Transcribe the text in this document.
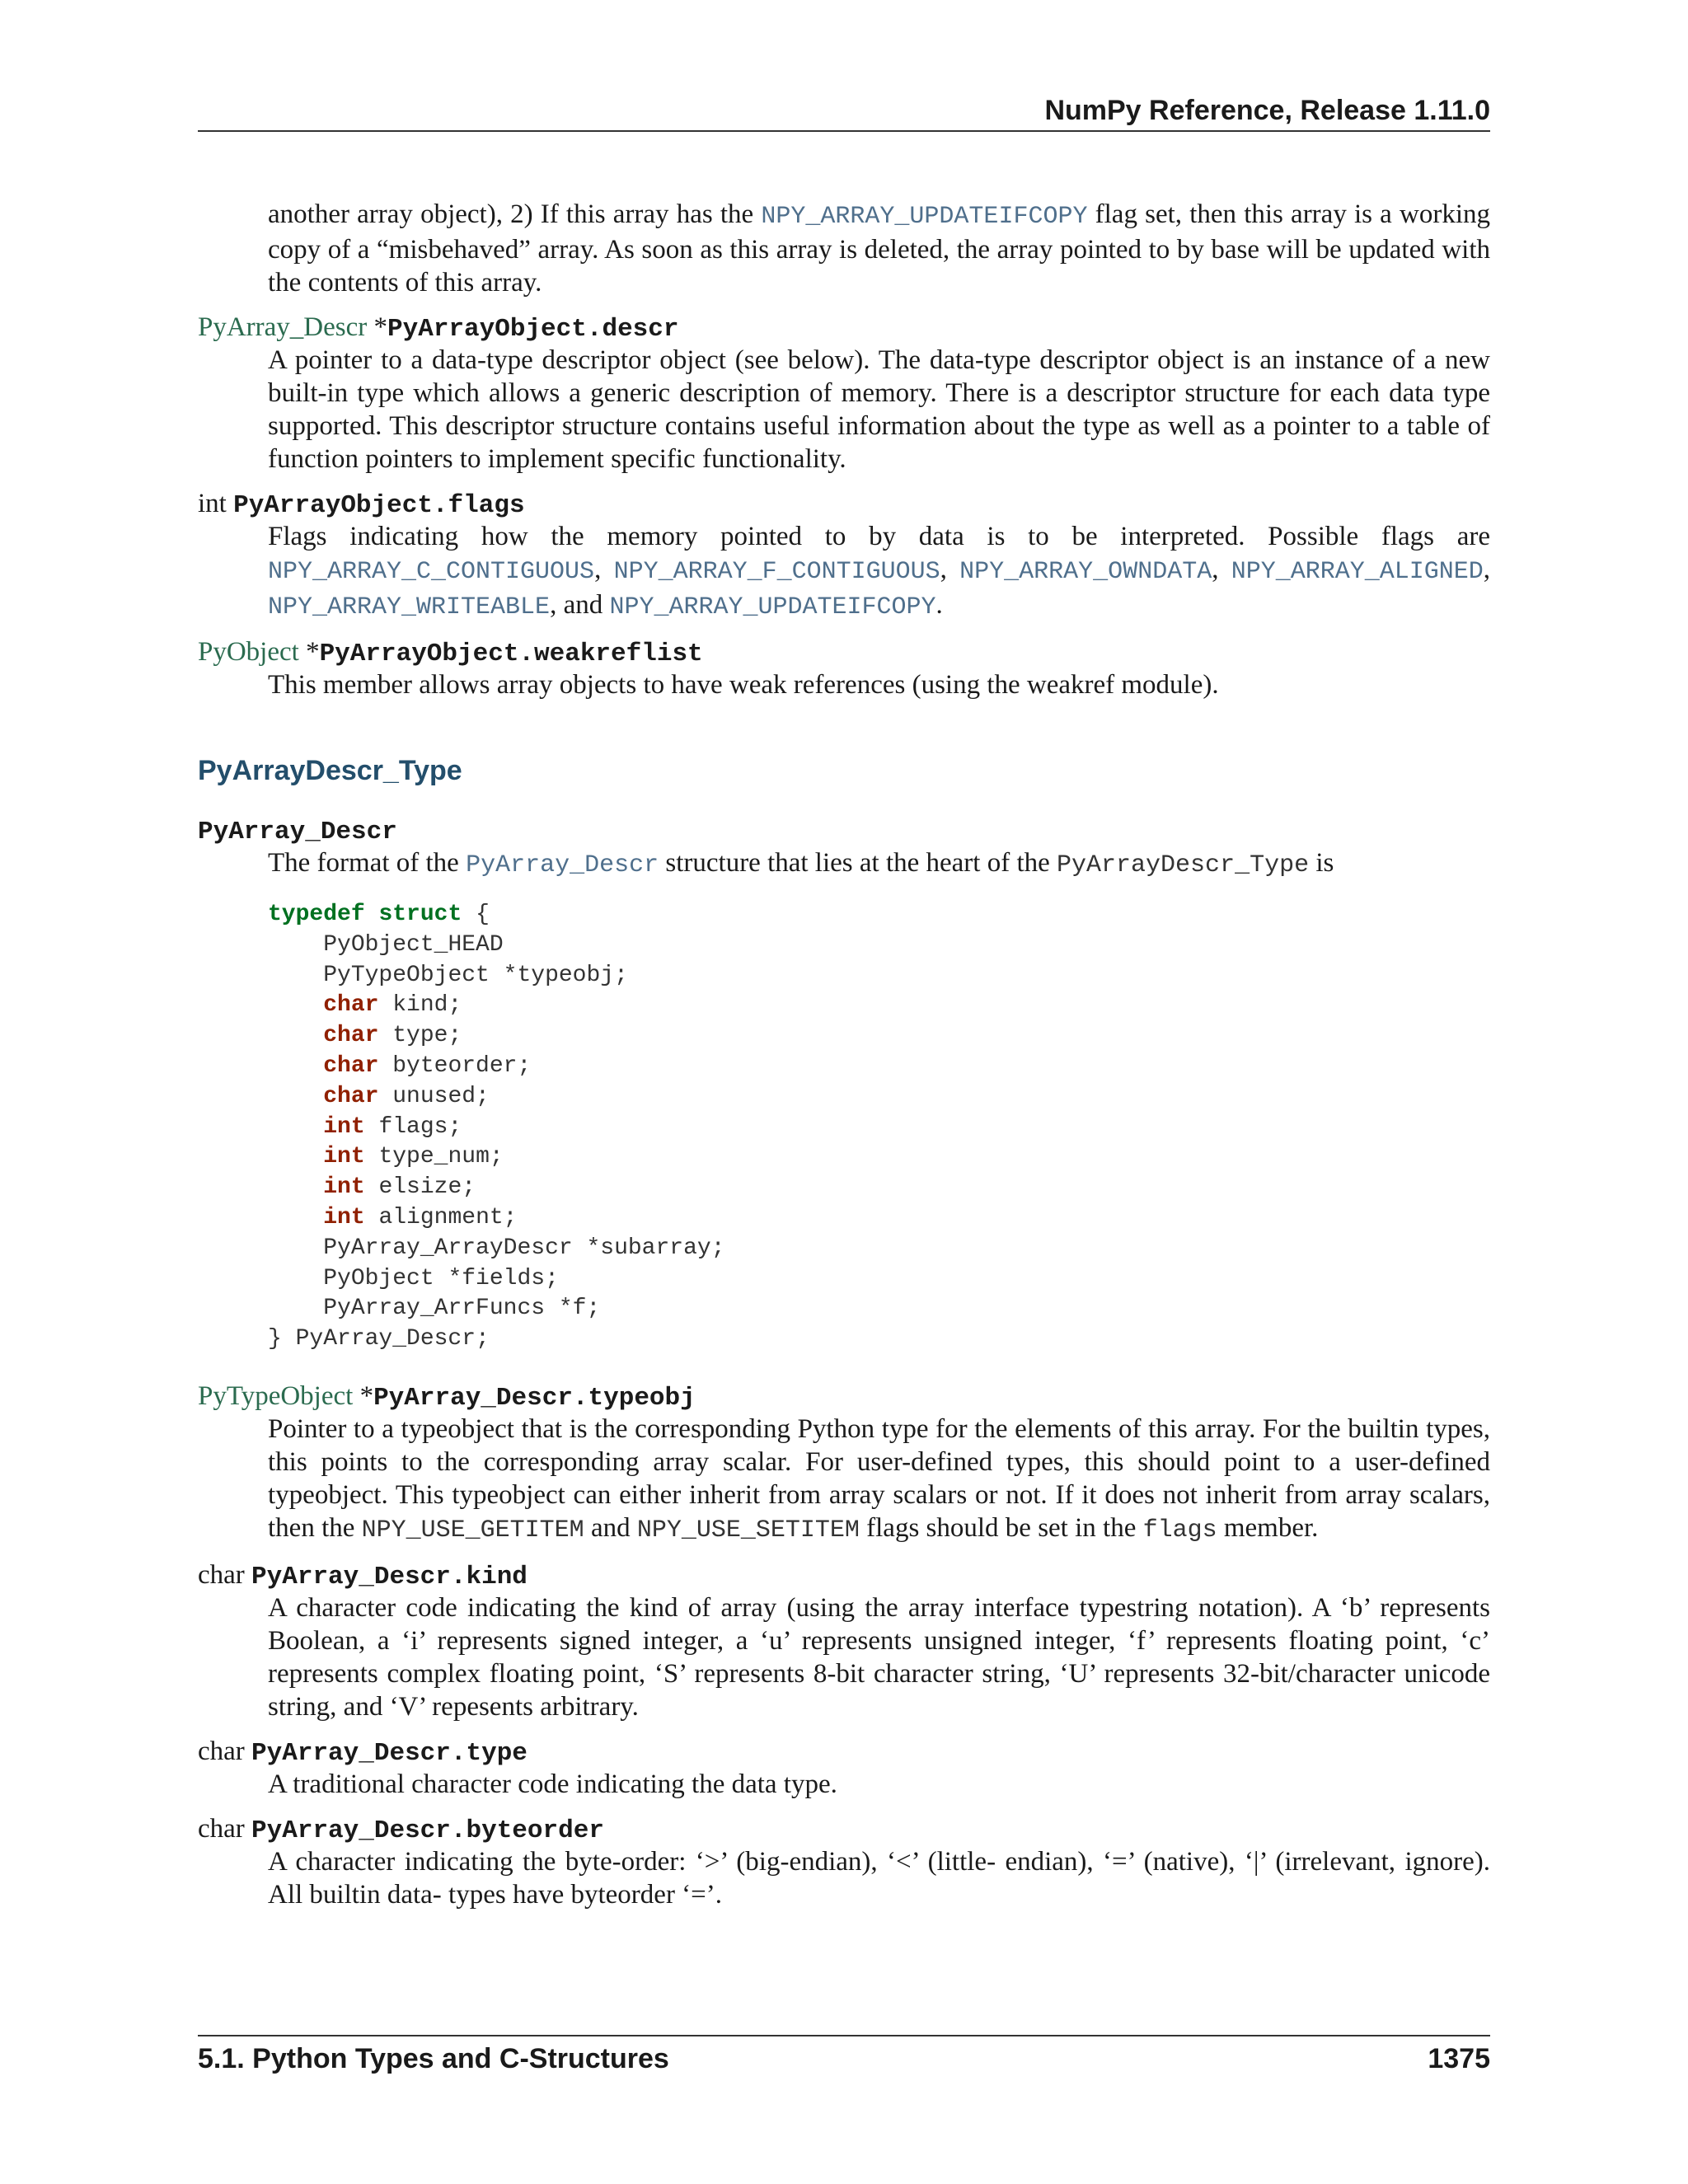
NumPy Reference, Release 1.11.0

another array object), 2) If this array has the NPY_ARRAY_UPDATEIFCOPY flag set, then this array is a working copy of a “misbehaved” array. As soon as this array is deleted, the array pointed to by base will be updated with the contents of this array.

PyArray_Descr *PyArrayObject.descr

A pointer to a data-type descriptor object (see below). The data-type descriptor object is an instance of a new built-in type which allows a generic description of memory. There is a descriptor structure for each data type supported. This descriptor structure contains useful information about the type as well as a pointer to a table of function pointers to implement specific functionality.

int PyArrayObject.flags

Flags indicating how the memory pointed to by data is to be interpreted. Possible flags are NPY_ARRAY_C_CONTIGUOUS, NPY_ARRAY_F_CONTIGUOUS, NPY_ARRAY_OWNDATA, NPY_ARRAY_ALIGNED, NPY_ARRAY_WRITEABLE, and NPY_ARRAY_UPDATEIFCOPY.

PyObject *PyArrayObject.weakreflist

This member allows array objects to have weak references (using the weakref module).

PyArrayDescr_Type

PyArray_Descr

The format of the PyArray_Descr structure that lies at the heart of the PyArrayDescr_Type is

typedef struct {
PyObject_HEAD
PyTypeObject *typeobj;
char kind;
char type;
char byteorder;
char unused;
int flags;
int type_num;
int elsize;
int alignment;
PyArray_ArrayDescr *subarray;
PyObject *fields;
PyArray_ArrFuncs *f;
} PyArray_Descr;

PyTypeObject *PyArray_Descr.typeobj

Pointer to a typeobject that is the corresponding Python type for the elements of this array. For the builtin types, this points to the corresponding array scalar. For user-defined types, this should point to a user-defined typeobject. This typeobject can either inherit from array scalars or not. If it does not inherit from array scalars, then the NPY_USE_GETITEM and NPY_USE_SETITEM flags should be set in the flags member.

char PyArray_Descr.kind

A character code indicating the kind of array (using the array interface typestring notation). A ‘b’ represents Boolean, a ‘i’ represents signed integer, a ‘u’ represents unsigned integer, ‘f’ represents floating point, ‘c’ represents complex floating point, ‘S’ represents 8-bit character string, ‘U’ represents 32-bit/character unicode string, and ‘V’ repesents arbitrary.

char PyArray_Descr.type

A traditional character code indicating the data type.

char PyArray_Descr.byteorder

A character indicating the byte-order: ‘>’ (big-endian), ‘<’ (little- endian), ‘=’ (native), ‘|’ (irrelevant, ignore). All builtin data- types have byteorder ‘=’.

5.1. Python Types and C-Structures	1375
